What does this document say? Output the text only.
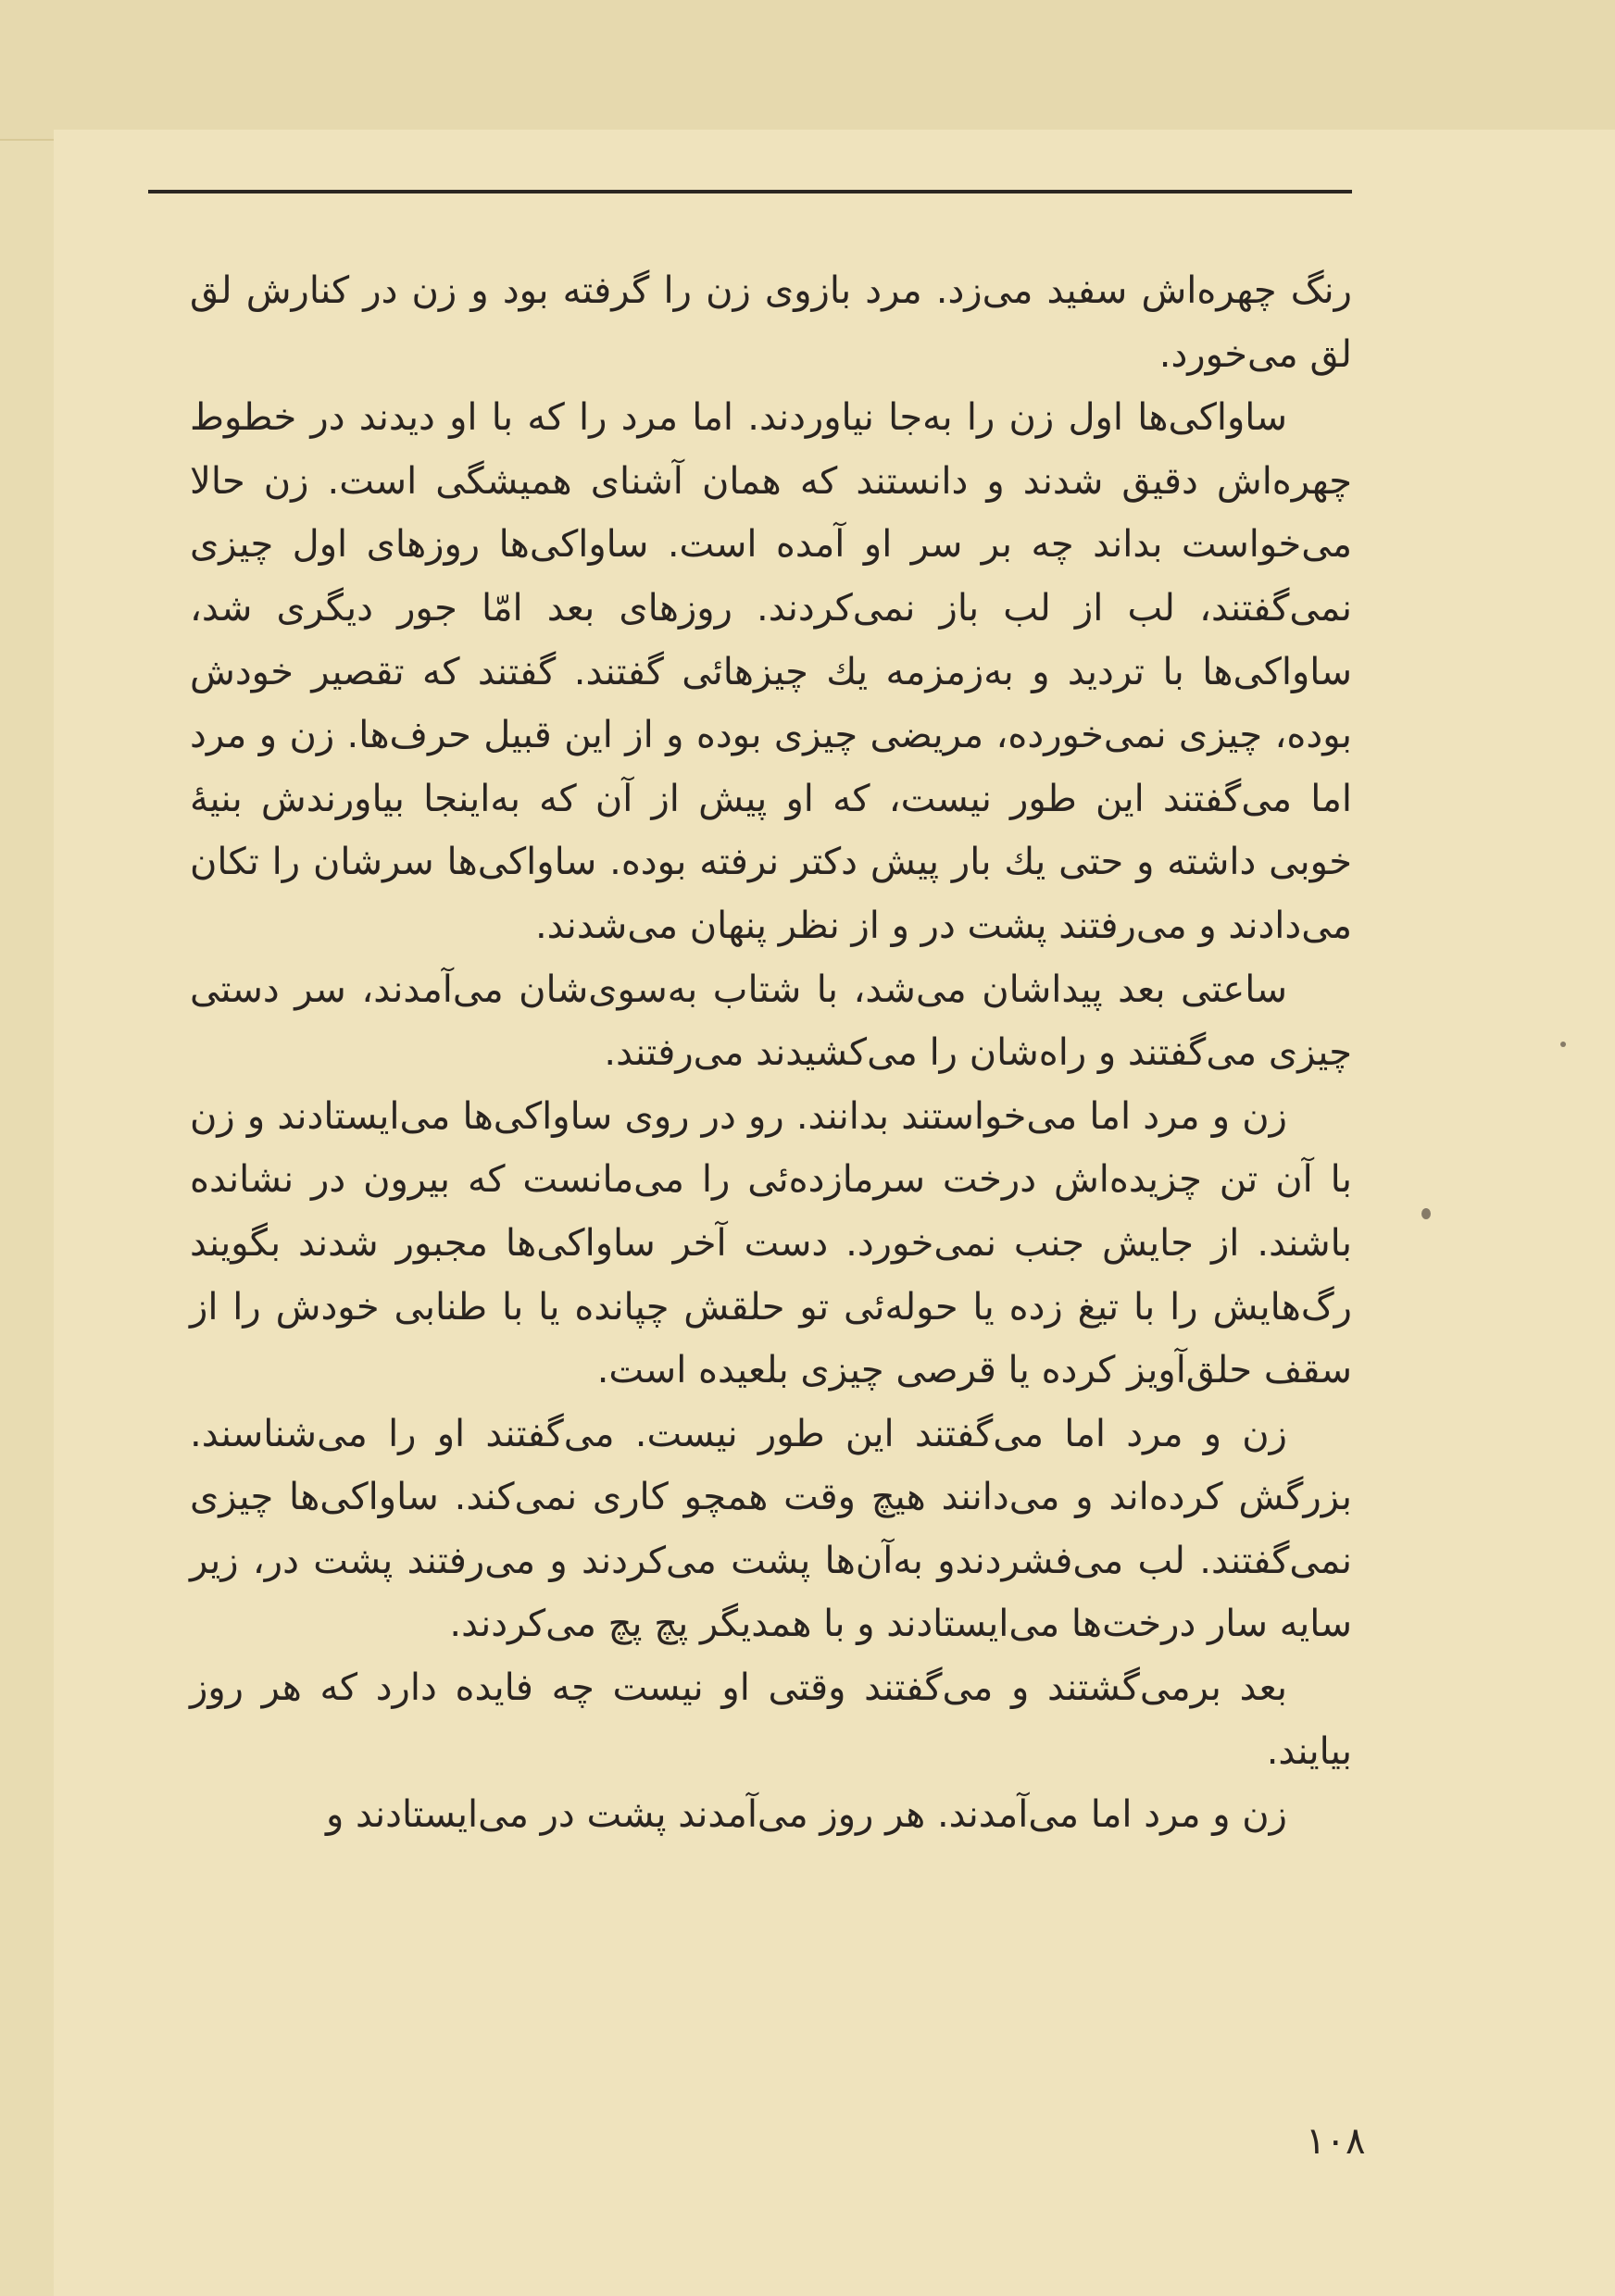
رنگ چهره‌اش سفید می‌زد. مرد بازوی زن را گرفته بود و زن در کنارش لق لق می‌خورد.

ساواکی‌ها اول زن را به‌جا نیاوردند. اما مرد را که با او دیدند در خطوط چهره‌اش دقیق شدند و دانستند که همان آشنای همیشگی است. زن حالا می‌خواست بداند چه بر سر او آمده است. ساواکی‌ها روزهای اول چیزی نمی‌گفتند، لب از لب باز نمی‌کردند. روزهای بعد امّا جور دیگری شد، ساواکی‌ها با تردید و به‌زمزمه یك چیزهائی گفتند. گفتند که تقصیر خودش بوده، چیزی نمی‌خورده، مریضی چیزی بوده و از این قبیل حرف‌ها. زن و مرد اما می‌گفتند این طور نیست، که او پیش از آن که به‌اینجا بیاورندش بنیهٔ خوبی داشته و حتی یك بار پیش دکتر نرفته بوده. ساواکی‌ها سرشان را تکان می‌دادند و می‌رفتند پشت در و از نظر پنهان می‌شدند.

ساعتی بعد پیداشان می‌شد، با شتاب به‌سوی‌شان می‌آمدند، سر دستی چیزی می‌گفتند و راه‌شان را می‌کشیدند می‌رفتند.

زن و مرد اما می‌خواستند بدانند. رو در روی ساواکی‌ها می‌ایستادند و زن با آن تن چزیده‌اش درخت سرمازده‌ئی را می‌مانست که بیرون در نشانده باشند. از جایش جنب نمی‌خورد. دست آخر ساواکی‌ها مجبور شدند بگویند رگ‌هایش را با تیغ زده یا حوله‌ئی تو حلقش چپانده یا با طنابی خودش را از سقف حلق‌آویز کرده یا قرصی چیزی بلعیده است.

زن و مرد اما می‌گفتند این طور نیست. می‌گفتند او را می‌شناسند. بزرگش کرده‌اند و می‌دانند هیچ وقت همچو کاری نمی‌کند. ساواکی‌ها چیزی نمی‌گفتند. لب می‌فشردندو به‌آن‌ها پشت می‌کردند و می‌رفتند پشت در، زیر سایه سار درخت‌ها می‌ایستادند و با همدیگر پچ پچ می‌کردند.

بعد برمی‌گشتند و می‌گفتند وقتی او نیست چه فایده دارد که هر روز بیایند.

زن و مرد اما می‌آمدند. هر روز می‌آمدند پشت در می‌ایستادند و

۱۰۸
